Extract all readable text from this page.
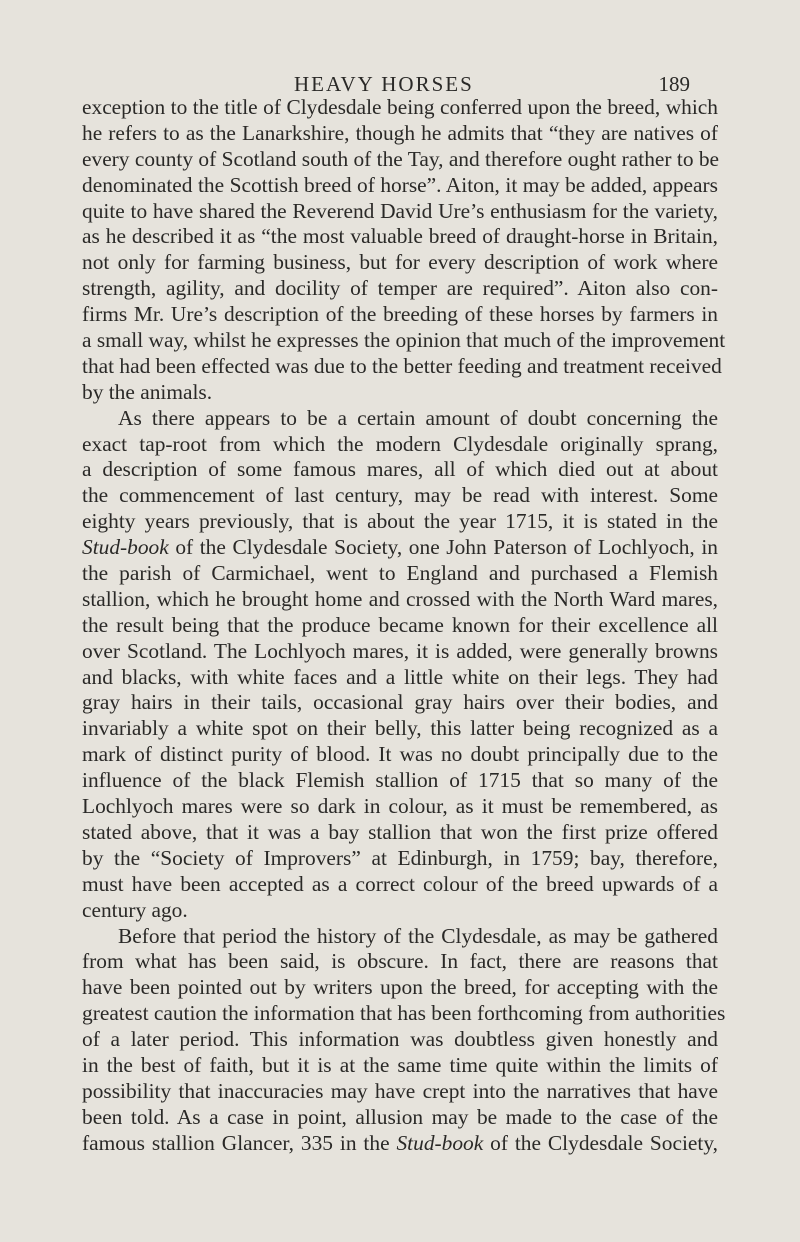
HEAVY HORSES	189
exception to the title of Clydesdale being conferred upon the breed, which
he refers to as the Lanarkshire, though he admits that “they are natives of
every county of Scotland south of the Tay, and therefore ought rather to be
denominated the Scottish breed of horse”. Aiton, it may be added, appears
quite to have shared the Reverend David Ure’s enthusiasm for the variety,
as he described it as “the most valuable breed of draught-horse in Britain,
not only for farming business, but for every description of work where
strength, agility, and docility of temper are required”. Aiton also con-
firms Mr. Ure’s description of the breeding of these horses by farmers in
a small way, whilst he expresses the opinion that much of the improvement
that had been effected was due to the better feeding and treatment received
by the animals.
As there appears to be a certain amount of doubt concerning the
exact tap-root from which the modern Clydesdale originally sprang,
a description of some famous mares, all of which died out at about
the commencement of last century, may be read with interest. Some
eighty years previously, that is about the year 1715, it is stated in the
Stud-book of the Clydesdale Society, one John Paterson of Lochlyoch, in
the parish of Carmichael, went to England and purchased a Flemish
stallion, which he brought home and crossed with the North Ward mares,
the result being that the produce became known for their excellence all
over Scotland. The Lochlyoch mares, it is added, were generally browns
and blacks, with white faces and a little white on their legs. They had
gray hairs in their tails, occasional gray hairs over their bodies, and
invariably a white spot on their belly, this latter being recognized as a
mark of distinct purity of blood. It was no doubt principally due to the
influence of the black Flemish stallion of 1715 that so many of the
Lochlyoch mares were so dark in colour, as it must be remembered, as
stated above, that it was a bay stallion that won the first prize offered
by the “Society of Improvers” at Edinburgh, in 1759; bay, therefore,
must have been accepted as a correct colour of the breed upwards of a
century ago.
Before that period the history of the Clydesdale, as may be gathered
from what has been said, is obscure. In fact, there are reasons that
have been pointed out by writers upon the breed, for accepting with the
greatest caution the information that has been forthcoming from authorities
of a later period. This information was doubtless given honestly and
in the best of faith, but it is at the same time quite within the limits of
possibility that inaccuracies may have crept into the narratives that have
been told. As a case in point, allusion may be made to the case of the
famous stallion Glancer, 335 in the Stud-book of the Clydesdale Society,
